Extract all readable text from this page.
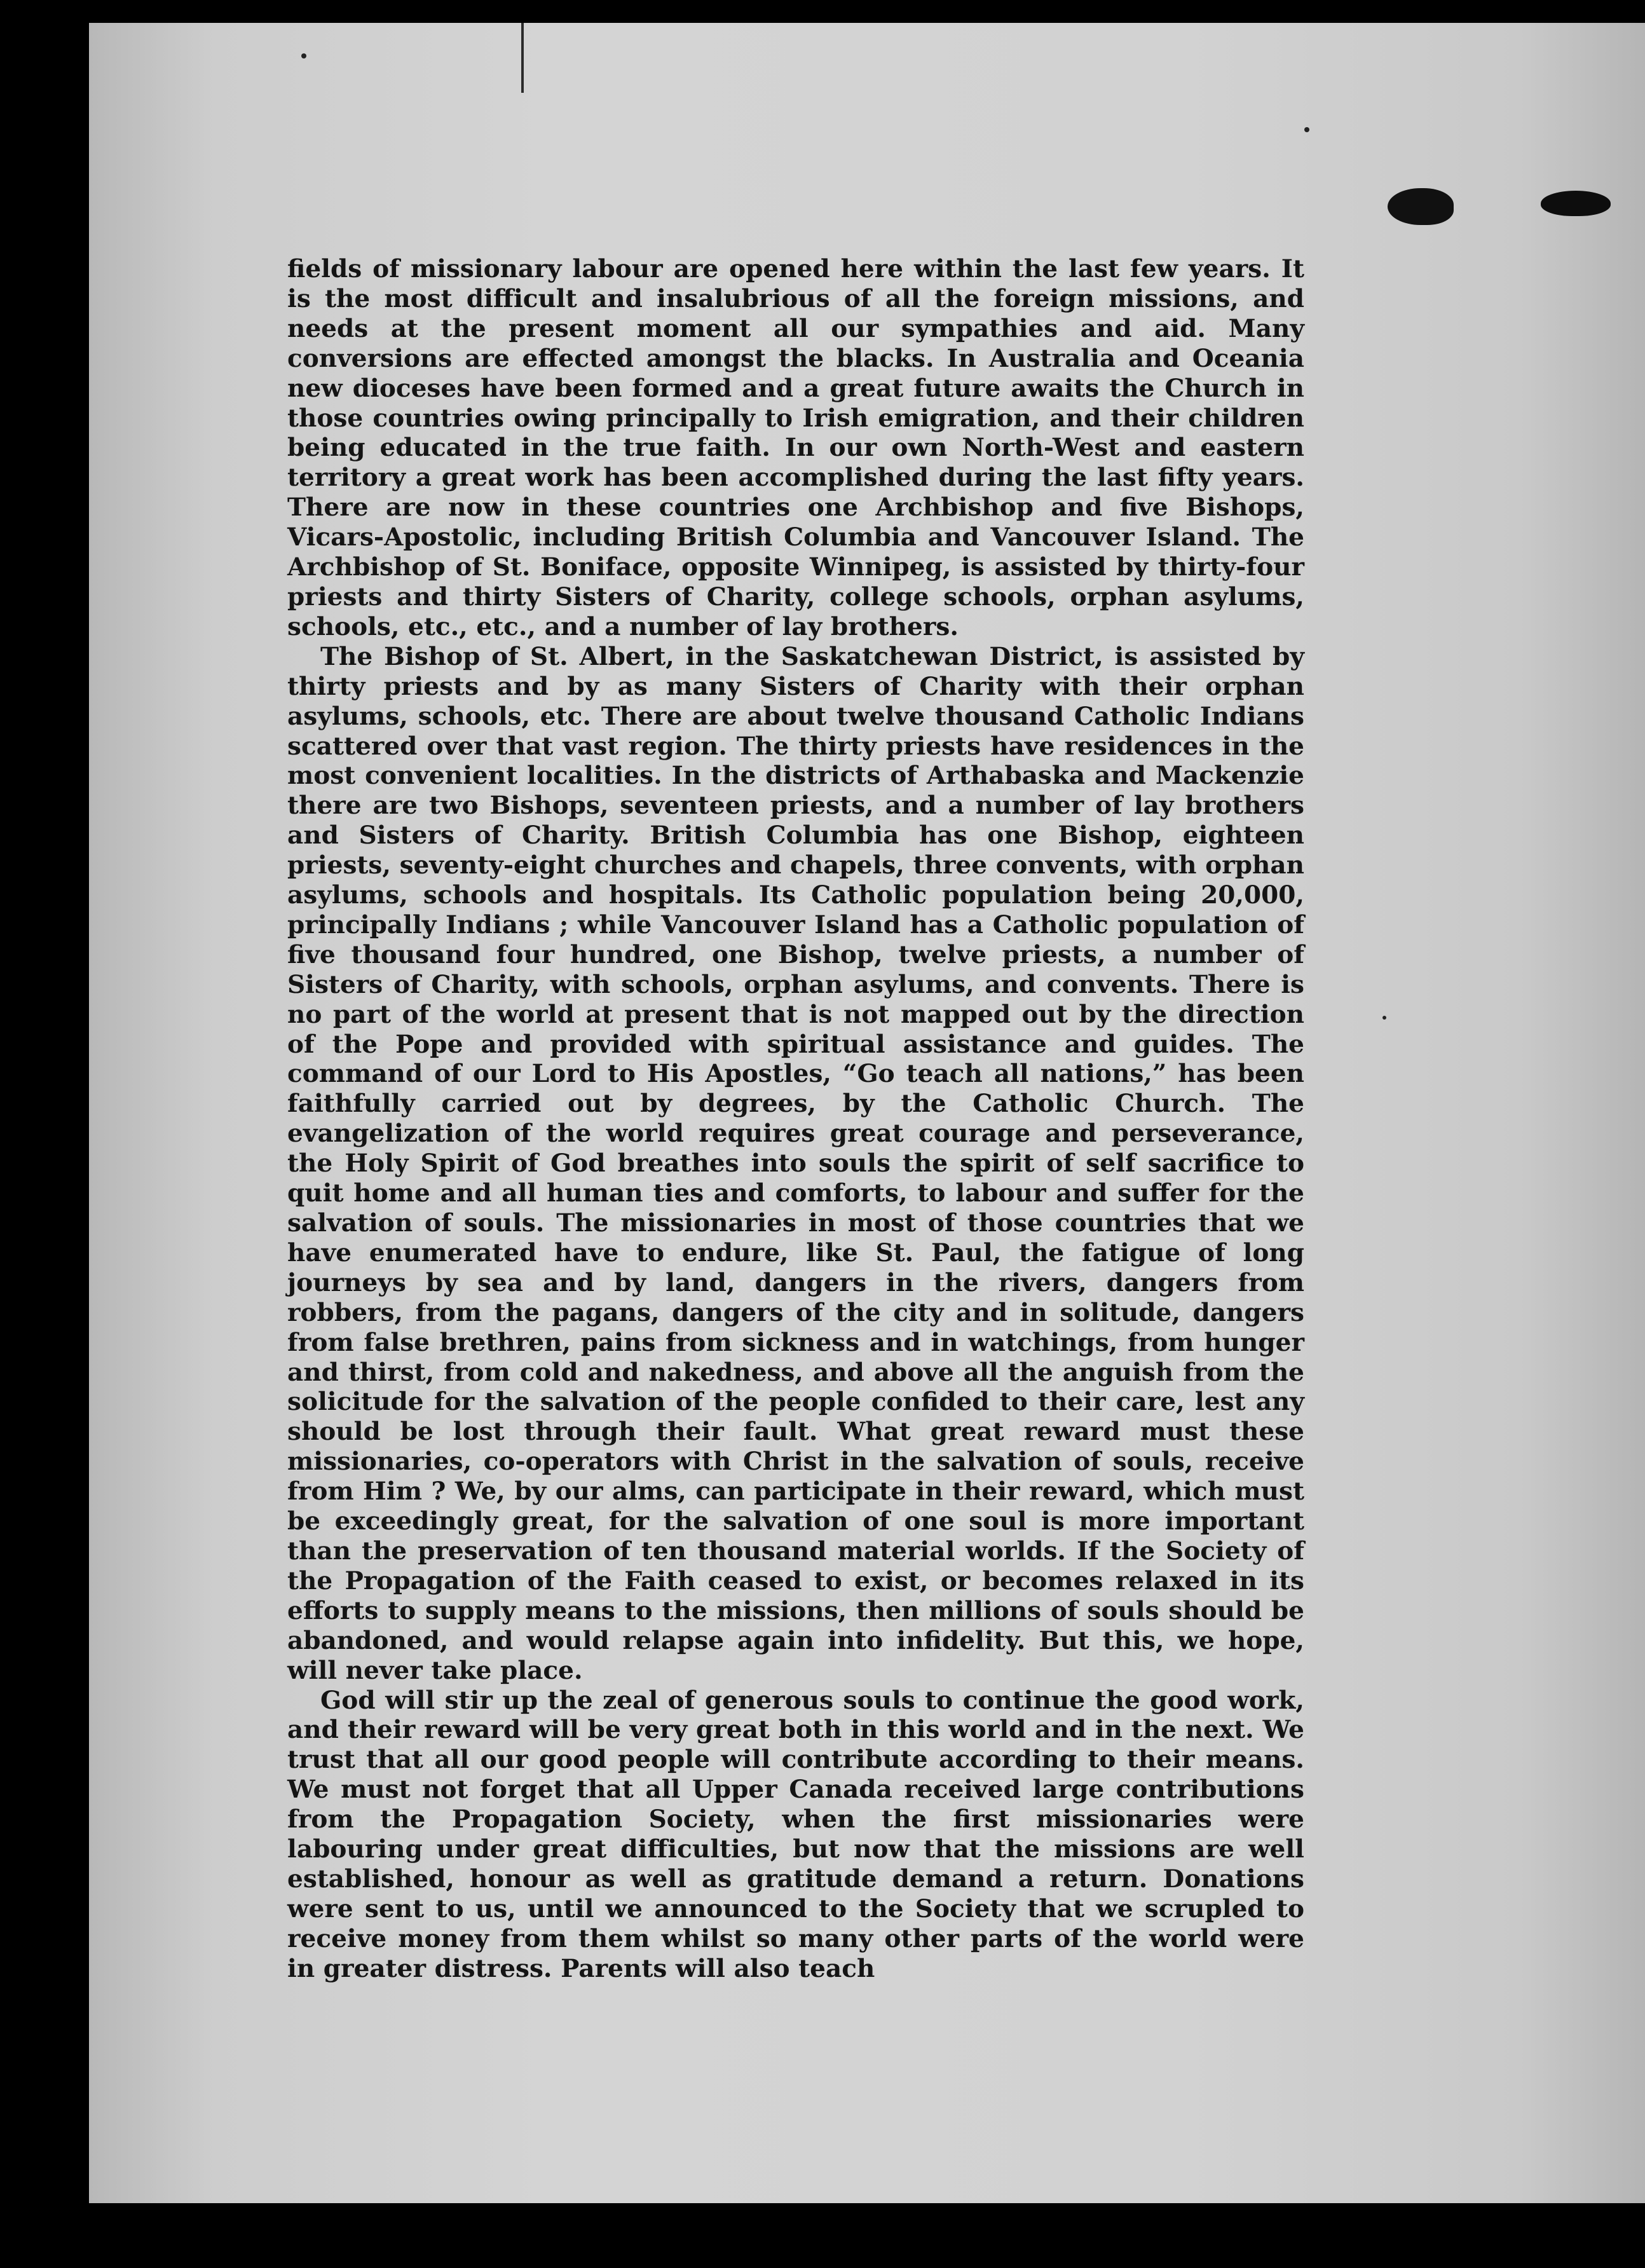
fields of missionary labour are opened here within the last few years. It is the most difficult and insalubrious of all the foreign missions, and needs at the present moment all our sympathies and aid. Many conversions are effected amongst the blacks. In Australia and Oceania new dioceses have been formed and a great future awaits the Church in those countries owing principally to Irish emigration, and their children being educated in the true faith. In our own North-West and eastern territory a great work has been accomplished during the last fifty years. There are now in these countries one Archbishop and five Bishops, Vicars-Apostolic, including British Columbia and Vancouver Island. The Archbishop of St. Boniface, opposite Winnipeg, is assisted by thirty-four priests and thirty Sisters of Charity, college schools, orphan asylums, schools, etc., etc., and a number of lay brothers.

The Bishop of St. Albert, in the Saskatchewan District, is assisted by thirty priests and by as many Sisters of Charity with their orphan asylums, schools, etc. There are about twelve thousand Catholic Indians scattered over that vast region. The thirty priests have residences in the most convenient localities. In the districts of Arthabaska and Mackenzie there are two Bishops, seventeen priests, and a number of lay brothers and Sisters of Charity. British Columbia has one Bishop, eighteen priests, seventy-eight churches and chapels, three convents, with orphan asylums, schools and hospitals. Its Catholic population being 20,000, principally Indians ; while Vancouver Island has a Catholic population of five thousand four hundred, one Bishop, twelve priests, a number of Sisters of Charity, with schools, orphan asylums, and convents. There is no part of the world at present that is not mapped out by the direction of the Pope and provided with spiritual assistance and guides. The command of our Lord to His Apostles, “Go teach all nations,” has been faithfully carried out by degrees, by the Catholic Church. The evangelization of the world requires great courage and perseverance, the Holy Spirit of God breathes into souls the spirit of self sacrifice to quit home and all human ties and comforts, to labour and suffer for the salvation of souls. The missionaries in most of those countries that we have enumerated have to endure, like St. Paul, the fatigue of long journeys by sea and by land, dangers in the rivers, dangers from robbers, from the pagans, dangers of the city and in solitude, dangers from false brethren, pains from sickness and in watchings, from hunger and thirst, from cold and nakedness, and above all the anguish from the solicitude for the salvation of the people confided to their care, lest any should be lost through their fault. What great reward must these missionaries, co-operators with Christ in the salvation of souls, receive from Him ? We, by our alms, can participate in their reward, which must be exceedingly great, for the salvation of one soul is more important than the preservation of ten thousand material worlds. If the Society of the Propagation of the Faith ceased to exist, or becomes relaxed in its efforts to supply means to the missions, then millions of souls should be abandoned, and would relapse again into infidelity. But this, we hope, will never take place.

God will stir up the zeal of generous souls to continue the good work, and their reward will be very great both in this world and in the next. We trust that all our good people will contribute according to their means. We must not forget that all Upper Canada received large contributions from the Propagation Society, when the first missionaries were labouring under great difficulties, but now that the missions are well established, honour as well as gratitude demand a return. Donations were sent to us, until we announced to the Society that we scrupled to receive money from them whilst so many other parts of the world were in greater distress. Parents will also teach
